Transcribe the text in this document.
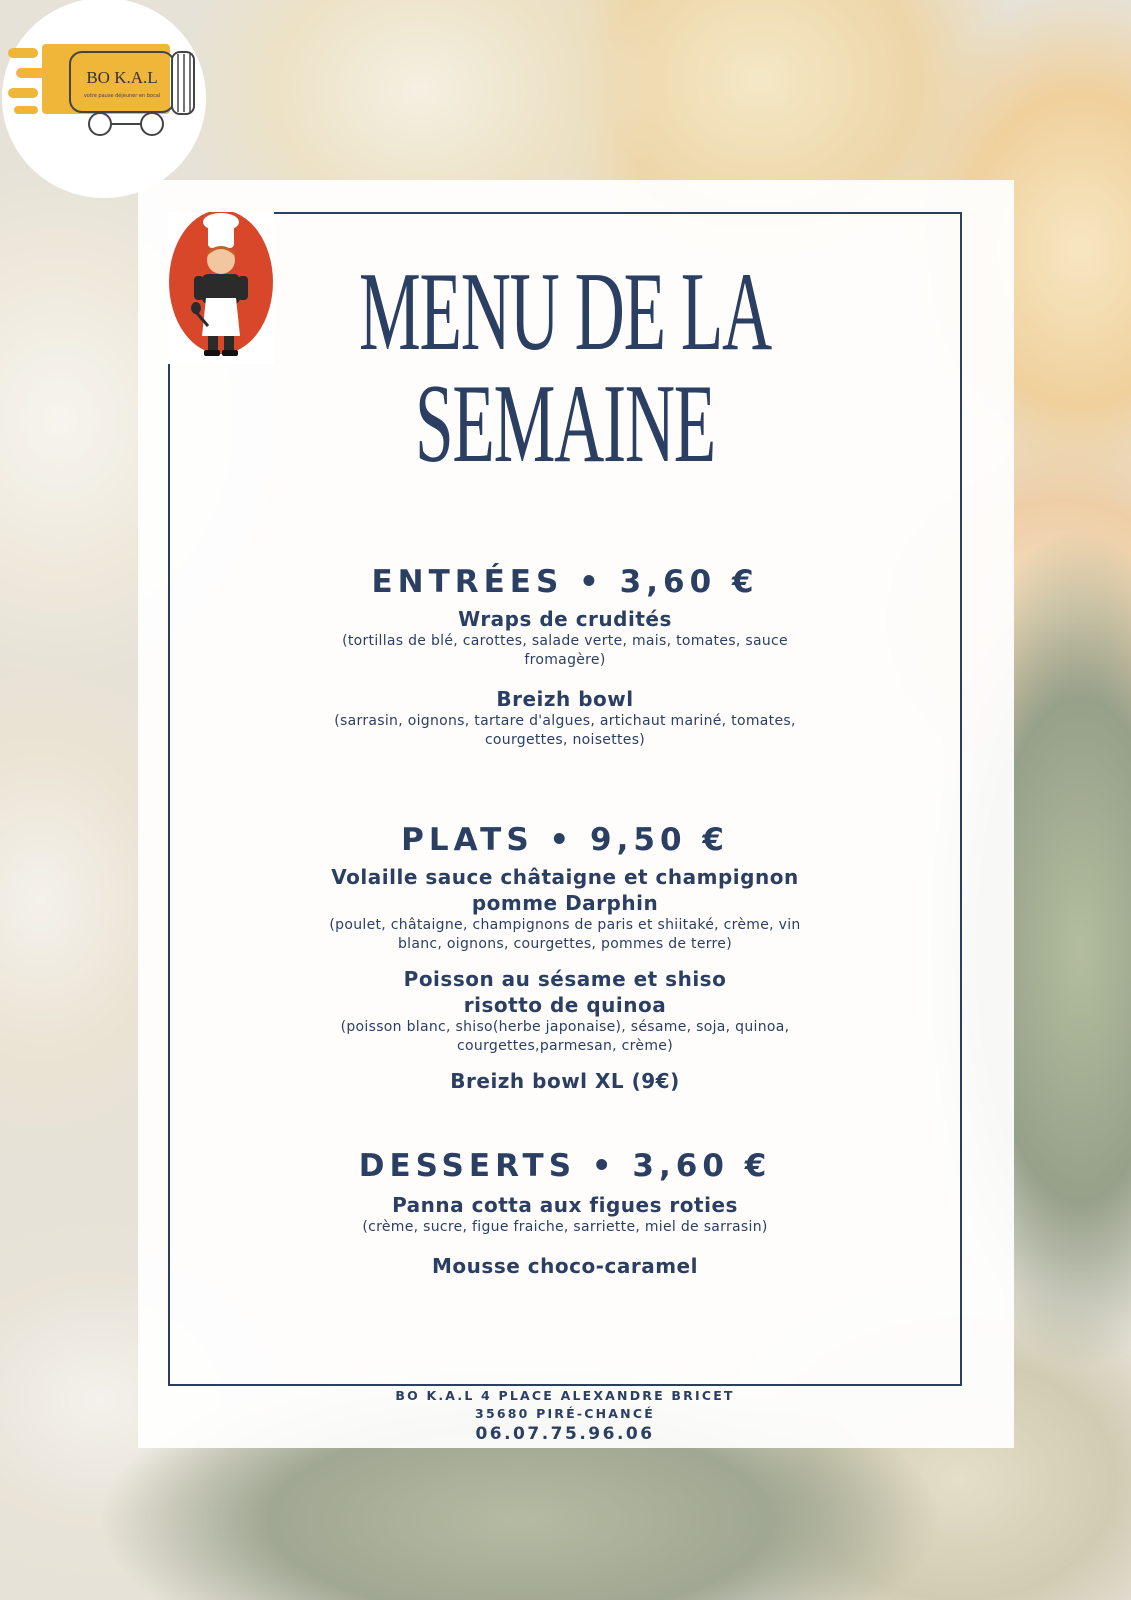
BO K.A.L
votre pause déjeuner en bocal
MENU DE LA
SEMAINE
ENTRÉES • 3,60 €
Wraps de crudités
(tortillas de blé, carottes, salade verte, mais, tomates, sauce fromagère)
Breizh bowl
(sarrasin, oignons, tartare d'algues, artichaut mariné, tomates, courgettes, noisettes)
PLATS • 9,50 €
Volaille sauce châtaigne et champignon
pomme Darphin
(poulet, châtaigne, champignons de paris et shiitaké, crème, vin blanc, oignons, courgettes, pommes de terre)
Poisson au sésame et shiso
risotto de quinoa
(poisson blanc, shiso(herbe japonaise), sésame, soja, quinoa, courgettes,parmesan, crème)
Breizh bowl XL (9€)
DESSERTS • 3,60 €
Panna cotta aux figues roties
(crème, sucre, figue fraiche, sarriette, miel de sarrasin)
Mousse choco-caramel
BO K.A.L 4 PLACE ALEXANDRE BRICET
35680 PIRÉ-CHANCÉ
06.07.75.96.06
